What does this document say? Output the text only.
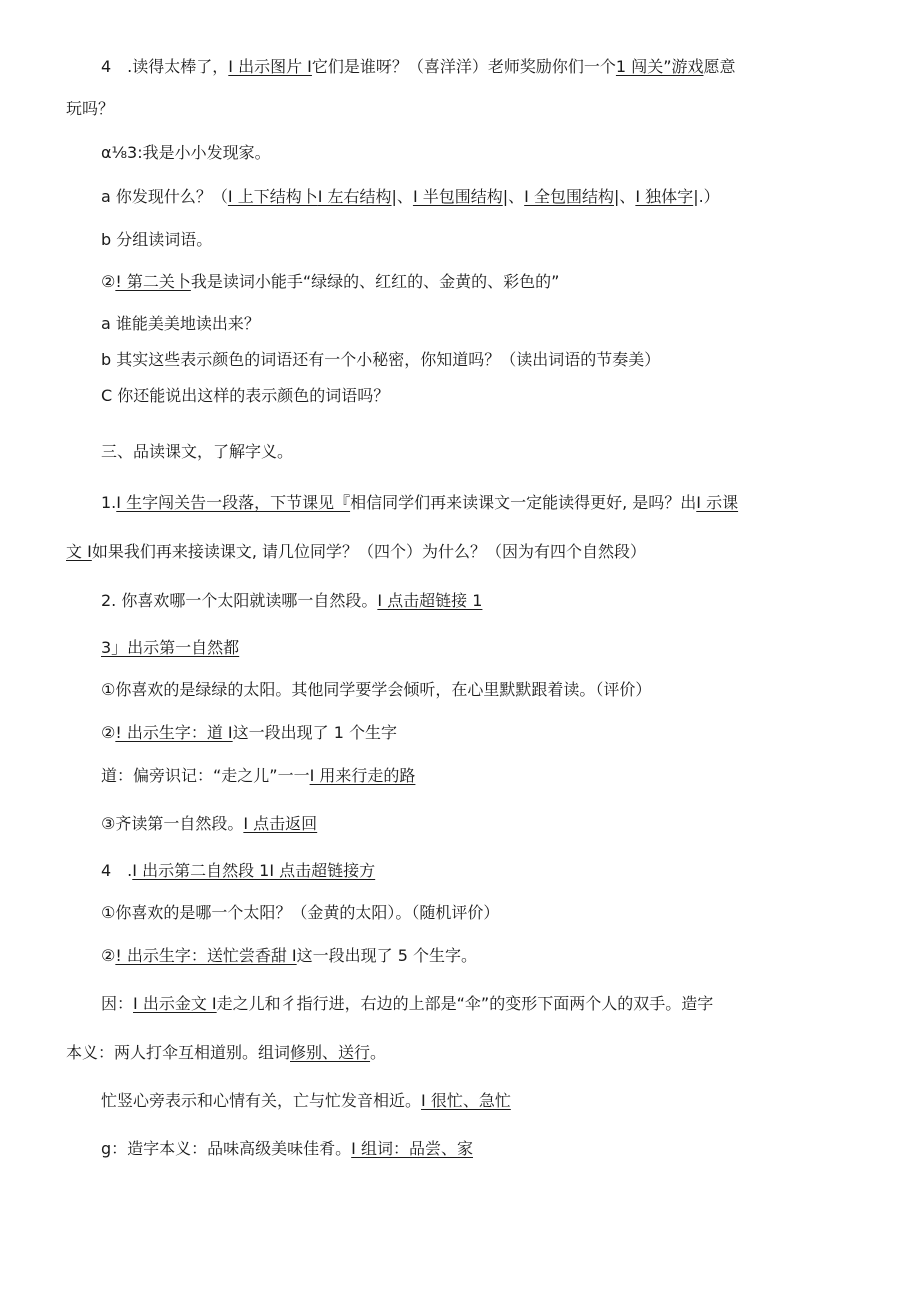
4　.读得太棒了，I 出示图片 I它们是谁呀？（喜洋洋）老师奖励你们一个1 闯关”游戏愿意
玩吗？
α⅛3:我是小小发现家。
a 你发现什么？（I 上下结构卜I 左右结构|、I 半包围结构|、I 全包围结构|、I 独体字|.）
b 分组读词语。
②! 第二关卜我是读词小能手“绿绿的、红红的、金黄的、彩色的”
a 谁能美美地读出来？
b 其实这些表示颜色的词语还有一个小秘密，你知道吗？（读出词语的节奏美）
C 你还能说出这样的表示颜色的词语吗？
三、品读课文，了解字义。
1.I 生字闯关告一段落，下节课见『相信同学们再来读课文一定能读得更好, 是吗？出I 示课
文 I如果我们再来接读课文, 请几位同学？（四个）为什么？（因为有四个自然段）
2. 你喜欢哪一个太阳就读哪一自然段。I 点击超链接 1
3」出示第一自然都
①你喜欢的是绿绿的太阳。其他同学要学会倾听，在心里默默跟着读。（评价）
②! 出示生字：道 I这一段出现了 1 个生字
道：偏旁识记：“走之儿”一一I 用来行走的路
③齐读第一自然段。I 点击返回
4　.I 出示第二自然段 1I 点击超链接方
①你喜欢的是哪一个太阳？（金黄的太阳）。（随机评价）
②! 出示生字：送忙尝香甜 I这一段出现了 5 个生字。
因：I 出示金文 I走之儿和彳指行进，右边的上部是“伞”的变形下面两个人的双手。造字
本义：两人打伞互相道别。组词修别、送行。
忙竖心旁表示和心情有关，亡与忙发音相近。I 很忙、急忙
g：造字本义：品味高级美味佳肴。I 组词：品尝、家
